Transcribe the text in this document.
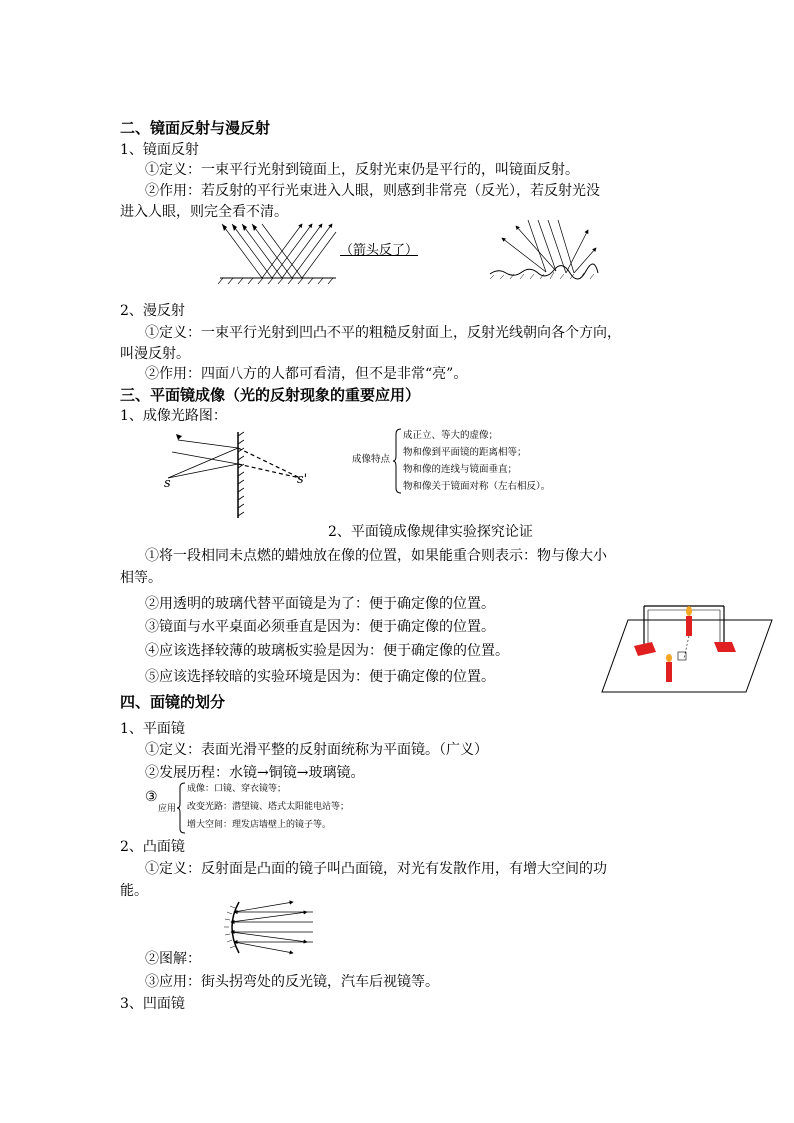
二、镜面反射与漫反射
1、镜面反射
①定义：一束平行光射到镜面上，反射光束仍是平行的，叫镜面反射。
②作用：若反射的平行光束进入人眼，则感到非常亮（反光），若反射光没
进入人眼，则完全看不清。
（箭头反了）
2、漫反射
①定义：一束平行光射到凹凸不平的粗糙反射面上，反射光线朝向各个方向，
叫漫反射。
②作用：四面八方的人都可看清，但不是非常“亮”。
三、平面镜成像（光的反射现象的重要应用）
1、成像光路图：
s	s'
成像特点
成正立、等大的虚像；
物和像到平面镜的距离相等；
物和像的连线与镜面垂直；
物和像关于镜面对称（左右相反）。
2、平面镜成像规律实验探究论证
①将一段相同未点燃的蜡烛放在像的位置，如果能重合则表示：物与像大小
相等。
②用透明的玻璃代替平面镜是为了：便于确定像的位置。
③镜面与水平桌面必须垂直是因为：便于确定像的位置。
④应该选择较薄的玻璃板实验是因为：便于确定像的位置。
⑤应该选择较暗的实验环境是因为：便于确定像的位置。
四、面镜的划分
1、平面镜
①定义：表面光滑平整的反射面统称为平面镜。（广义）
②发展历程：水镜→铜镜→玻璃镜。
③
应用
成像：口镜、穿衣镜等；
改变光路：潜望镜、塔式太阳能电站等；
增大空间：理发店墙壁上的镜子等。
2、凸面镜
①定义：反射面是凸面的镜子叫凸面镜，对光有发散作用，有增大空间的功
能。
②图解：
③应用：街头拐弯处的反光镜，汽车后视镜等。
3、凹面镜
